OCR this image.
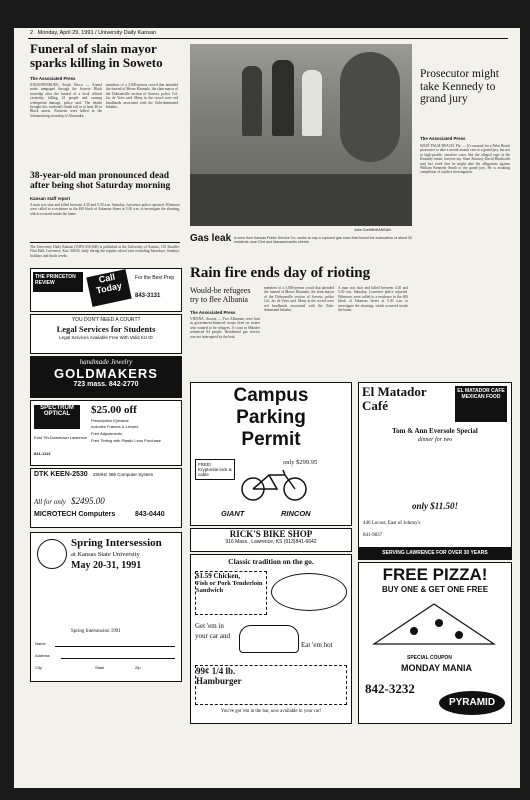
2 Monday, April 29, 1991 / University Daily Kansan
Funeral of slain mayor sparks killing in Soweto
The Associated Press
JOHANNESBURG, South Africa — Armed mobs rampaged through the Soweto Black township after the funeral of a local official yesterday, killing 14 people and causing widespread damage, police said. The deaths brought this weekend's death toll to at least 40 in Black unrest. Fourteen were killed in the Johannesburg township of Alexandra.
members of a 3,500-person crowd that attended the funeral of Moses Khumalo, the slain mayor of the Dobsonville section of Soweto, police Col. Jac de Vries said. Many in the crowd were red headbands associated with the Zulu-dominated Inkatha.
38-year-old man pronounced dead after being shot Saturday morning
Kansan staff report
A man was shot and killed between 4:30 and 5:30 a.m. Saturday, Lawrence police reported. Witnesses were called to a residence in the 400 block of Arkansas Street at 5:30 a.m. to investigate the shooting, which occurred inside the home.
The University Daily Kansan (USPS 650-640) is published at the University of Kansas, 118 Stauffer-Flint Hall, Lawrence, Kan. 66045, daily during the regular school year excluding Saturdays, Sundays, holidays and finals weeks.
THE PRINCETON REVIEW	Call Today
For the Best Prep
843-3131
YOU DON'T NEED A COURT?
Legal Services for Students
Legal Services Available Free With Valid KU ID
handmade Jewelry
GOLDMAKERS
723 mass. 842-2770
SPECTRUM OPTICAL	$25.00 off
Prescription Eyewear
Includes Frames & Lenses
Free Adjustments
Free Tinting with Plastic Lens Purchase
East 7th-Downtown Lawrence
841-1113
DTK KEEN-2530 25MHz 386 Computer System
All for only $2495.00
MICROTECH Computers	843-0440
Spring Intersession
at Kansas State University
May 20-31, 1991
Spring Intersession 1991
Name
Address
City	State	Zip
John Conliffe/KANSAN
Gas leak A crew from Kansas Public Service Co. works to cap a ruptured gas main that forced the evacuation of about 30 residents near 23rd and Massachusetts streets.
Rain fire ends day of rioting
Would-be refugees try to flee Albania
The Associated Press
VIENNA, Austria — Two Albanians were hurt as government-financed troops fired on rioters who wanted to be refugees. A court in Shkoder sentenced 84 people. Residential gas service was not interrupted by the leak.
members of a 3,500-person crowd that attended the funeral of Moses Khumalo, the slain mayor of the Dobsonville section of Soweto, police Col. Jac de Vries said. Many in the crowd were red headbands associated with the Zulu-dominated Inkatha.
A man was shot and killed between 4:30 and 5:30 a.m. Saturday, Lawrence police reported. Witnesses were called to a residence in the 400 block of Arkansas Street at 5:30 a.m. to investigate the shooting, which occurred inside the home.
Prosecutor might take Kennedy to grand jury
The Associated Press
WEST PALM BEACH, Fla. — It's unusual for a Palm Beach prosecutor to take a sexual assault case to a grand jury, but not in high-profile, sensitive cases like the alleged rape at the Kennedy estate, lawyers say. State Attorney David Bludworth said last week that he might take the allegations against William Kennedy Smith to the grand jury. He is awaiting completion of a police investigation.
Campus
Parking
Permit
FREE! Kryptonite lock & cable
only $299.95
GIANT	RINCON
RICK'S BIKE SHOP
916 Mass., Lawrence, KS (913)841-6642
Classic tradition on the go.
$1.59 Chicken,
Fish or Pork Tenderloin Sandwich
Get 'em in your car and
Eat 'em hot
99¢ 1/4 lb. Hamburger
You've got 'em in the bar, now available in your car!
El Matador Café
EL MATADOR CAFE MEXICAN FOOD
Tom & Ann Eversole Special
dinner for two
only $11.50!
446 Locust, East of Johnny's
841-9837
SERVING LAWRENCE FOR OVER 30 YEARS
FREE PIZZA!
BUY ONE & GET ONE FREE
SPECIAL COUPON
MONDAY MANIA
842-3232
PYRAMID
